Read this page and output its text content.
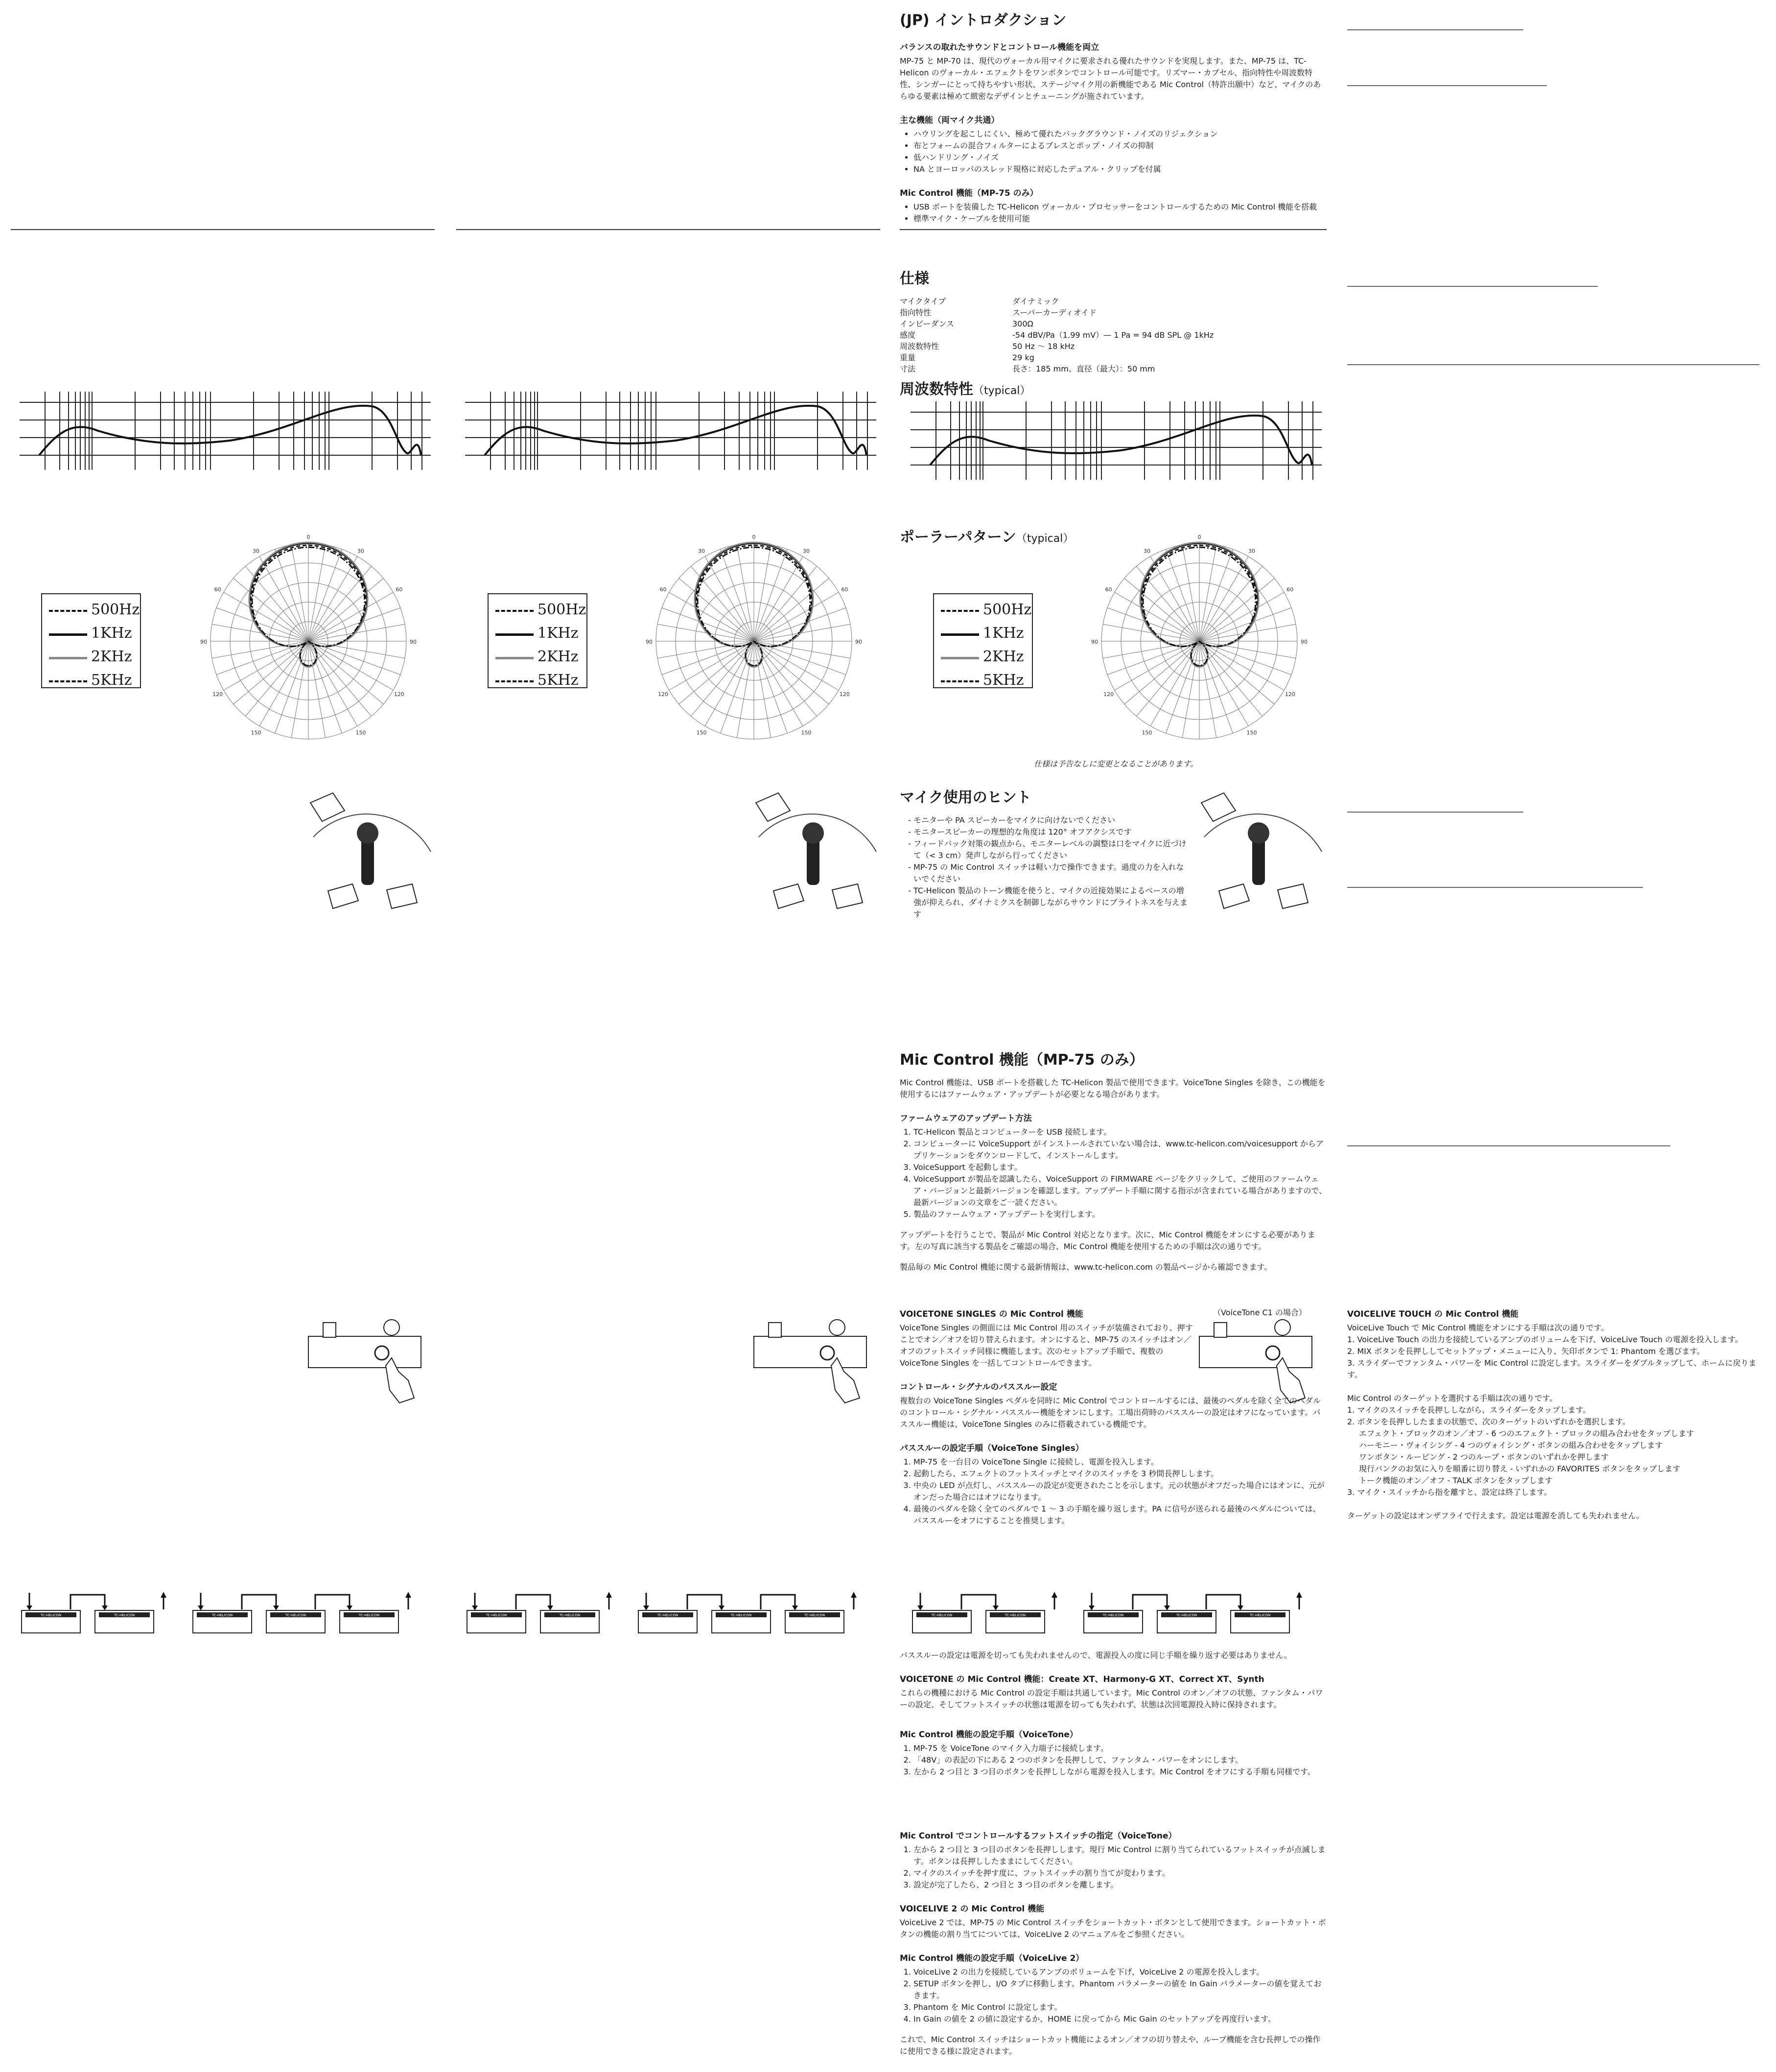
500Hz
1KHz
2KHz
5KHz
500Hz
1KHz
2KHz
5KHz
500Hz
1KHz
2KHz
5KHz
0
30
60
90
120
150
30
60
90
120
150
0
30
60
90
120
150
30
60
90
120
150
0
30
60
90
120
150
30
60
90
120
150
TC-HELICON	TC-HELICON	TC-HELICON	TC-HELICON	TC-HELICON	TC-HELICON	TC-HELICON	TC-HELICON	TC-HELICON	TC-HELICON	TC-HELICON	TC-HELICON	TC-HELICON	TC-HELICON	TC-HELICON
(JP) イントロダクション
バランスの取れたサウンドとコントロール機能を両立

MP-75 と MP-70 は、現代のヴォーカル用マイクに要求される優れたサウンドを実現します。また、MP-75 は、TC-Helicon のヴォーカル・エフェクトをワンボタンでコントロール可能です。リズマー・カプセル、指向特性や周波数特性、シンガーにとって持ちやすい形状、ステージマイク用の新機能である Mic Control（特許出願中）など、マイクのあらゆる要素は極めて緻密なデザインとチューニングが施されています。

主な機能（両マイク共通）
• ハウリングを起こしにくい、極めて優れたバックグラウンド・ノイズのリジェクション
• 布とフォームの混合フィルターによるブレスとポップ・ノイズの抑制
• 低ハンドリング・ノイズ
• NA とヨーロッパのスレッド規格に対応したデュアル・クリップを付属
Mic Control 機能（MP-75 のみ）
• USB ポートを装備した TC-Helicon ヴォーカル・プロセッサーをコントロールするための Mic Control 機能を搭載
• 標準マイク・ケーブルを使用可能
仕様
マイクタイプ	ダイナミック
指向特性	スーパーカーディオイド
インピーダンス	300Ω
感度	-54 dBV/Pa（1.99 mV）— 1 Pa = 94 dB SPL @ 1kHz
周波数特性	50 Hz 〜 18 kHz
重量	29 kg
寸法	長さ：185 mm、直径（最大）：50 mm
周波数特性（typical）
ポーラーパターン（typical）
仕様は予告なしに変更となることがあります。
マイク使用のヒント
- モニターや PA スピーカーをマイクに向けないでください
- モニタースピーカーの理想的な角度は 120° オフアクシスです
- フィードバック対策の観点から、モニターレベルの調整は口をマイクに近づけて（< 3 cm）発声しながら行ってください
- MP-75 の Mic Control スイッチは軽い力で操作できます。過度の力を入れないでください
- TC-Helicon 製品のトーン機能を使うと、マイクの近接効果によるベースの増強が抑えられ、ダイナミクスを制御しながらサウンドにブライトネスを与えます
Mic Control 機能（MP-75 のみ）

Mic Control 機能は、USB ポートを搭載した TC-Helicon 製品で使用できます。VoiceTone Singles を除き、この機能を使用するにはファームウェア・アップデートが必要となる場合があります。

ファームウェアのアップデート方法
1. TC-Helicon 製品とコンピューターを USB 接続します。
2. コンピューターに VoiceSupport がインストールされていない場合は、www.tc-helicon.com/voicesupport からアプリケーションをダウンロードして、インストールします。
3. VoiceSupport を起動します。
4. VoiceSupport が製品を認識したら、VoiceSupport の FIRMWARE ページをクリックして、ご使用のファームウェア・バージョンと最新バージョンを確認します。アップデート手順に関する指示が含まれている場合がありますので、最新バージョンの文章をご一読ください。
5. 製品のファームウェア・アップデートを実行します。

アップデートを行うことで、製品が Mic Control 対応となります。次に、Mic Control 機能をオンにする必要があります。左の写真に該当する製品をご確認の場合、Mic Control 機能を使用するための手順は次の通りです。

製品毎の Mic Control 機能に関する最新情報は、www.tc-helicon.com の製品ページから確認できます。

VOICETONE SINGLES の Mic Control 機能

VoiceTone Singles の側面には Mic Control 用のスイッチが装備されており、押すことでオン／オフを切り替えられます。オンにすると、MP-75 のスイッチはオン／オフのフットスイッチ同様に機能します。次のセットアップ手順で、複数の VoiceTone Singles を一括してコントロールできます。

コントロール・シグナルのパススルー設定

複数台の VoiceTone Singles ペダルを同時に Mic Control でコントロールするには、最後のペダルを除く全てのペダルのコントロール・シグナル・パススルー機能をオンにします。工場出荷時のパススルーの設定はオフになっています。パススルー機能は、VoiceTone Singles のみに搭載されている機能です。

パススルーの設定手順（VoiceTone Singles）
1. MP-75 を一台目の VoiceTone Single に接続し、電源を投入します。
2. 起動したら、エフェクトのフットスイッチとマイクのスイッチを 3 秒間長押しします。
3. 中央の LED が点灯し、パススルーの設定が変更されたことを示します。元の状態がオフだった場合にはオンに、元がオンだった場合にはオフになります。
4. 最後のペダルを除く全てのペダルで 1 〜 3 の手順を繰り返します。PA に信号が送られる最後のペダルについては、パススルーをオフにすることを推奨します。
（VoiceTone C1 の場合）

パススルーの設定は電源を切っても失われませんので、電源投入の度に同じ手順を繰り返す必要はありません。

VOICETONE の Mic Control 機能：Create XT、Harmony-G XT、Correct XT、Synth

これらの機種における Mic Control の設定手順は共通しています。Mic Control のオン／オフの状態、ファンタム・パワーの設定、そしてフットスイッチの状態は電源を切っても失われず、状態は次回電源投入時に保持されます。

Mic Control 機能の設定手順（VoiceTone）
1. MP-75 を VoiceTone のマイク入力端子に接続します。
2. 「48V」の表記の下にある 2 つのボタンを長押しして、ファンタム・パワーをオンにします。
3. 左から 2 つ目と 3 つ目のボタンを長押ししながら電源を投入します。Mic Control をオフにする手順も同様です。
Mic Control でコントロールするフットスイッチの指定（VoiceTone）
1. 左から 2 つ目と 3 つ目のボタンを長押しします。現行 Mic Control に割り当てられているフットスイッチが点滅します。ボタンは長押ししたままにしてください。
2. マイクのスイッチを押す度に、フットスイッチの割り当てが変わります。
3. 設定が完了したら、2 つ目と 3 つ目のボタンを離します。
VOICELIVE 2 の Mic Control 機能

VoiceLive 2 では、MP-75 の Mic Control スイッチをショートカット・ボタンとして使用できます。ショートカット・ボタンの機能の割り当てについては、VoiceLive 2 のマニュアルをご参照ください。

Mic Control 機能の設定手順（VoiceLive 2）
1. VoiceLive 2 の出力を接続しているアンプのボリュームを下げ、VoiceLive 2 の電源を投入します。
2. SETUP ボタンを押し、I/O タブに移動します。Phantom パラメーターの値を In Gain パラメーターの値を覚えておきます。
3. Phantom を Mic Control に設定します。
4. In Gain の値を 2 の値に設定するか、HOME に戻ってから Mic Gain のセットアップを再度行います。

これで、Mic Control スイッチはショートカット機能によるオン／オフの切り替えや、ループ機能を含む長押しでの操作に使用できる様に設定されます。

VOICELIVE TOUCH の Mic Control 機能

VoiceLive Touch で Mic Control 機能をオンにする手順は次の通りです。

1. VoiceLive Touch の出力を接続しているアンプのボリュームを下げ、VoiceLive Touch の電源を投入します。
2. MIX ボタンを長押ししてセットアップ・メニューに入り、矢印ボタンで 1: Phantom を選びます。
3. スライダーでファンタム・パワーを Mic Control に設定します。スライダーをダブルタップして、ホームに戻ります。

Mic Control のターゲットを選択する手順は次の通りです。

1. マイクのスイッチを長押ししながら、スライダーをタップします。
2. ボタンを長押ししたままの状態で、次のターゲットのいずれかを選択します。
エフェクト・ブロックのオン／オフ - 6 つのエフェクト・ブロックの組み合わせをタップします
ハーモニー・ヴォイシング - 4 つのヴォイシング・ボタンの組み合わせをタップします
ワンボタン・ルーピング - 2 つのループ・ボタンのいずれかを押します
現行バンクのお気に入りを順番に切り替え - いずれかの FAVORITES ボタンをタップします
トーク機能のオン／オフ - TALK ボタンをタップします
3. マイク・スイッチから指を離すと、設定は終了します。

ターゲットの設定はオンザフライで行えます。設定は電源を消しても失われません。
